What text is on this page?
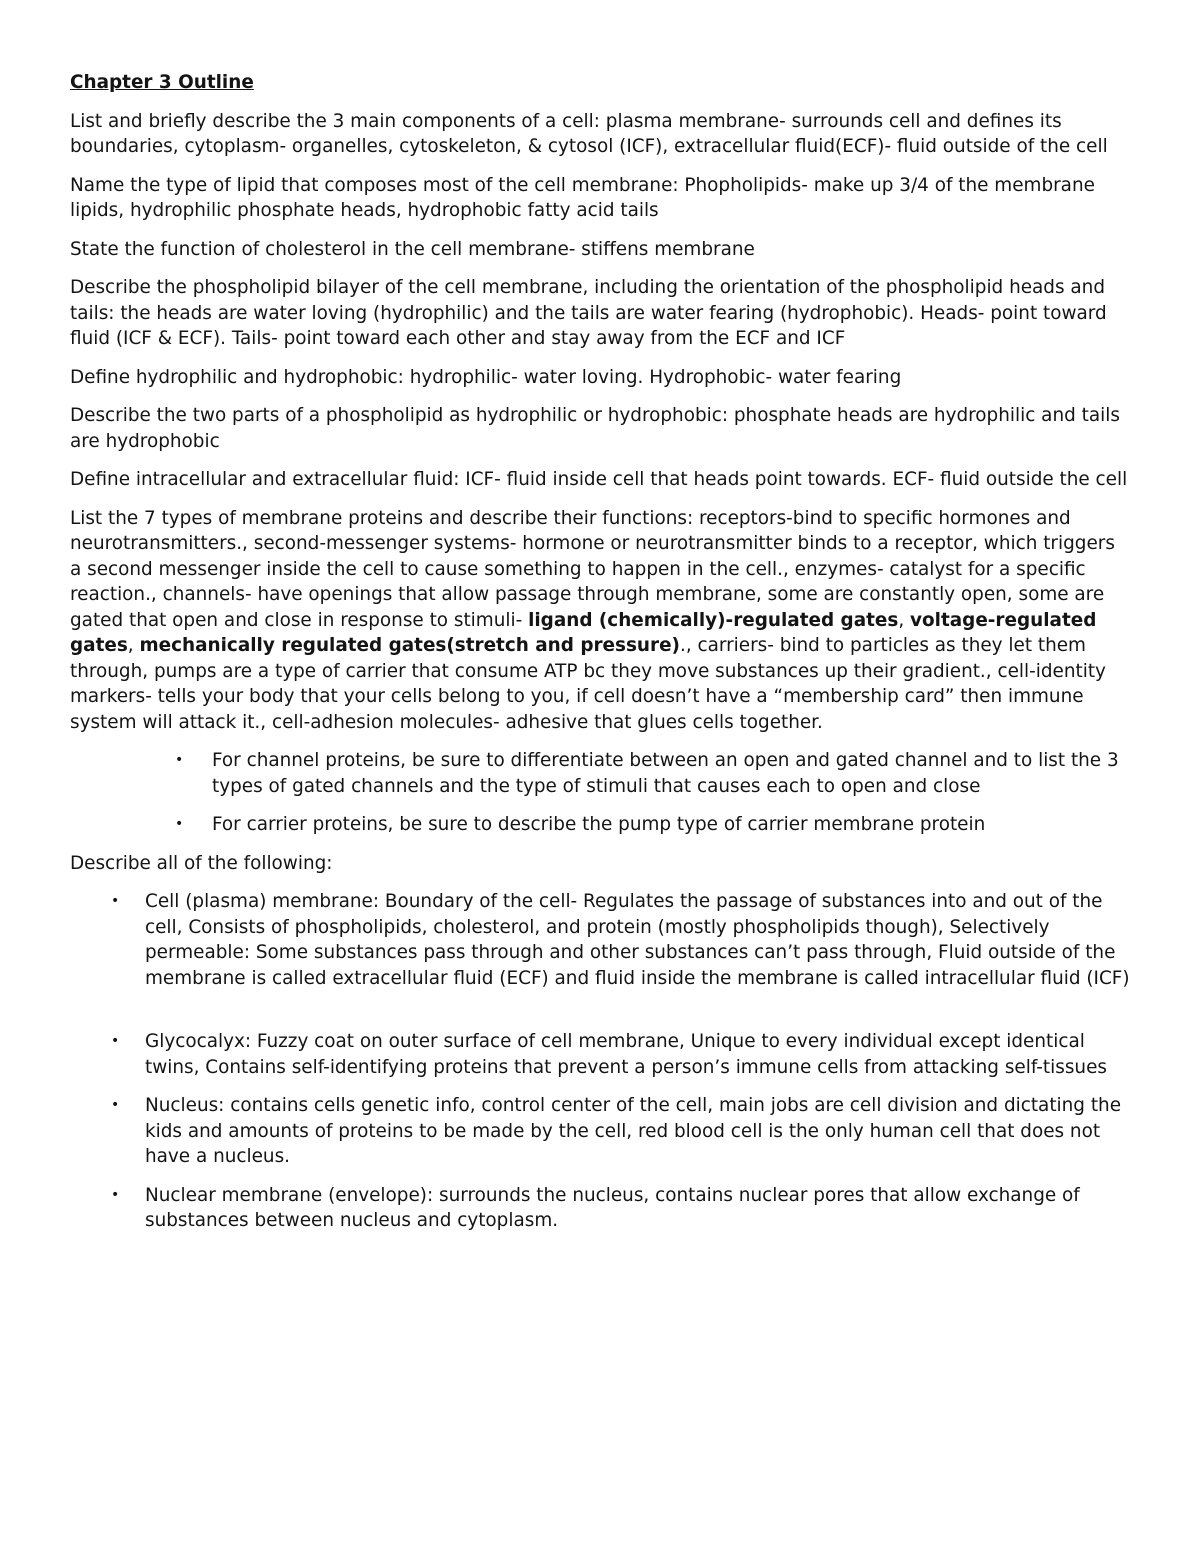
Chapter 3 Outline

List and briefly describe the 3 main components of a cell: plasma membrane- surrounds cell and defines its boundaries, cytoplasm- organelles, cytoskeleton, & cytosol (ICF), extracellular fluid(ECF)- fluid outside of the cell

Name the type of lipid that composes most of the cell membrane: Phopholipids- make up 3/4 of the membrane lipids, hydrophilic phosphate heads, hydrophobic fatty acid tails

State the function of cholesterol in the cell membrane- stiffens membrane

Describe the phospholipid bilayer of the cell membrane, including the orientation of the phospholipid heads and tails: the heads are water loving (hydrophilic) and the tails are water fearing (hydrophobic). Heads- point toward fluid (ICF & ECF). Tails- point toward each other and stay away from the ECF and ICF

Define hydrophilic and hydrophobic: hydrophilic- water loving. Hydrophobic- water fearing

Describe the two parts of a phospholipid as hydrophilic or hydrophobic: phosphate heads are hydrophilic and tails are hydrophobic

Define intracellular and extracellular fluid: ICF- fluid inside cell that heads point towards. ECF- fluid outside the cell

List the 7 types of membrane proteins and describe their functions: receptors-bind to specific hormones and neurotransmitters., second-messenger systems- hormone or neurotransmitter binds to a receptor, which triggers a second messenger inside the cell to cause something to happen in the cell., enzymes- catalyst for a specific reaction., channels- have openings that allow passage through membrane, some are constantly open, some are gated that open and close in response to stimuli- ligand (chemically)-regulated gates, voltage-regulated gates, mechanically regulated gates(stretch and pressure)., carriers- bind to particles as they let them through, pumps are a type of carrier that consume ATP bc they move substances up their gradient., cell-identity markers- tells your body that your cells belong to you, if cell doesn’t have a “membership card” then immune system will attack it., cell-adhesion molecules- adhesive that glues cells together.

• For channel proteins, be sure to differentiate between an open and gated channel and to list the 3 types of gated channels and the type of stimuli that causes each to open and close
• For carrier proteins, be sure to describe the pump type of carrier membrane protein

Describe all of the following:

• Cell (plasma) membrane: Boundary of the cell- Regulates the passage of substances into and out of the cell, Consists of phospholipids, cholesterol, and protein (mostly phospholipids though), Selectively permeable: Some substances pass through and other substances can’t pass through, Fluid outside of the membrane is called extracellular fluid (ECF) and fluid inside the membrane is called intracellular fluid (ICF)
• Glycocalyx: Fuzzy coat on outer surface of cell membrane, Unique to every individual except identical twins, Contains self-identifying proteins that prevent a person’s immune cells from attacking self-tissues
• Nucleus: contains cells genetic info, control center of the cell, main jobs are cell division and dictating the kids and amounts of proteins to be made by the cell, red blood cell is the only human cell that does not have a nucleus.
• Nuclear membrane (envelope): surrounds the nucleus, contains nuclear pores that allow exchange of substances between nucleus and cytoplasm.
